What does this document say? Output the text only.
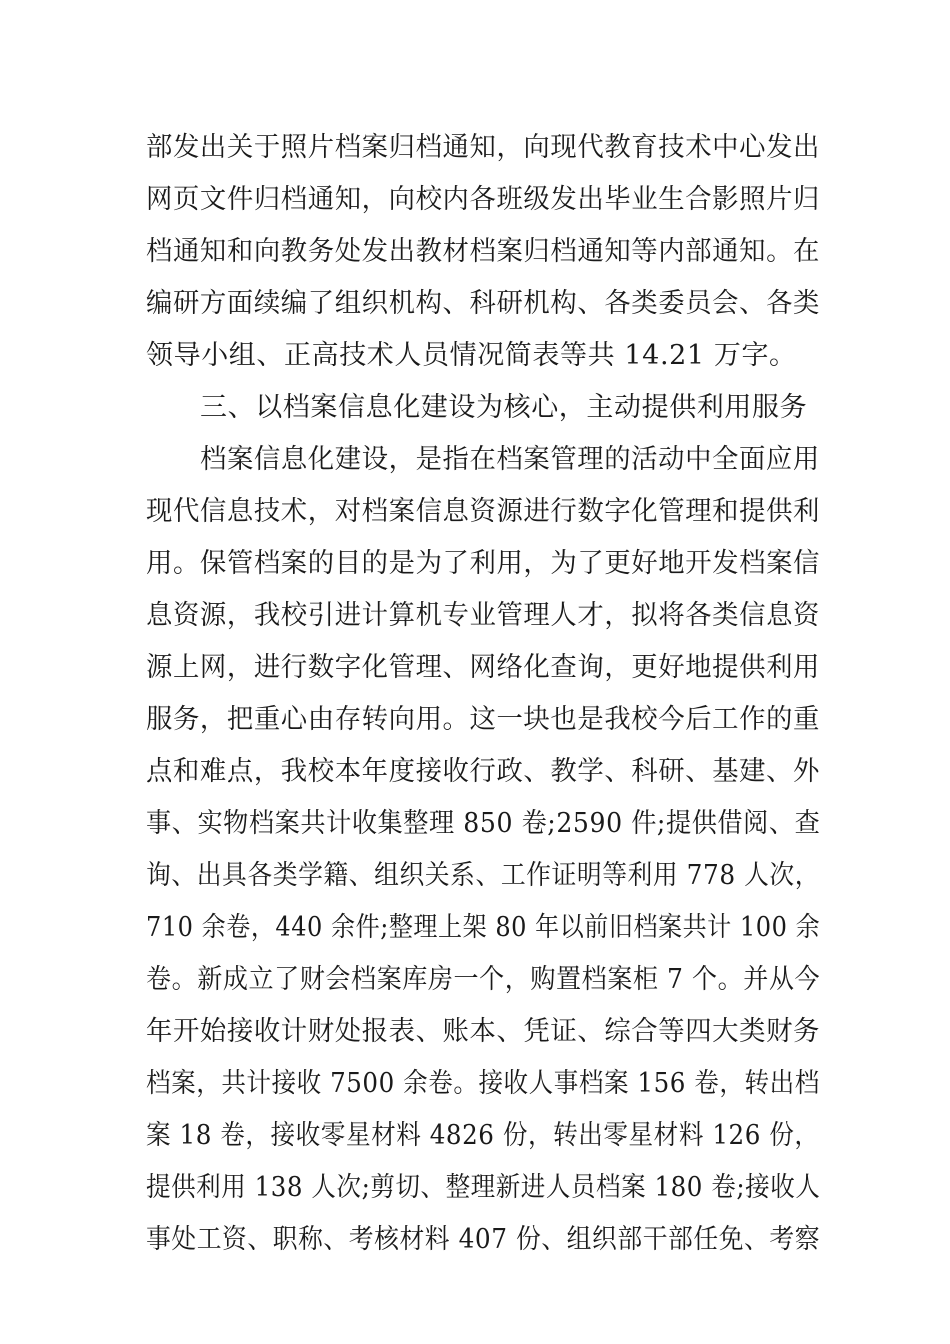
部发出关于照片档案归档通知，向现代教育技术中心发出
网页文件归档通知，向校内各班级发出毕业生合影照片归
档通知和向教务处发出教材档案归档通知等内部通知。在
编研方面续编了组织机构、科研机构、各类委员会、各类
领导小组、正高技术人员情况简表等共 14.21 万字。
三、以档案信息化建设为核心，主动提供利用服务
档案信息化建设，是指在档案管理的活动中全面应用
现代信息技术，对档案信息资源进行数字化管理和提供利
用。保管档案的目的是为了利用，为了更好地开发档案信
息资源，我校引进计算机专业管理人才，拟将各类信息资
源上网，进行数字化管理、网络化查询，更好地提供利用
服务，把重心由存转向用。这一块也是我校今后工作的重
点和难点，我校本年度接收行政、教学、科研、基建、外
事、实物档案共计收集整理 850 卷;2590 件;提供借阅、查
询、出具各类学籍、组织关系、工作证明等利用 778 人次，
710 余卷，440 余件;整理上架 80 年以前旧档案共计 100 余
卷。新成立了财会档案库房一个，购置档案柜 7 个。并从今
年开始接收计财处报表、账本、凭证、综合等四大类财务
档案，共计接收 7500 余卷。接收人事档案 156 卷，转出档
案 18 卷，接收零星材料 4826 份，转出零星材料 126 份，
提供利用 138 人次;剪切、整理新进人员档案 180 卷;接收人
事处工资、职称、考核材料 407 份、组织部干部任免、考察
